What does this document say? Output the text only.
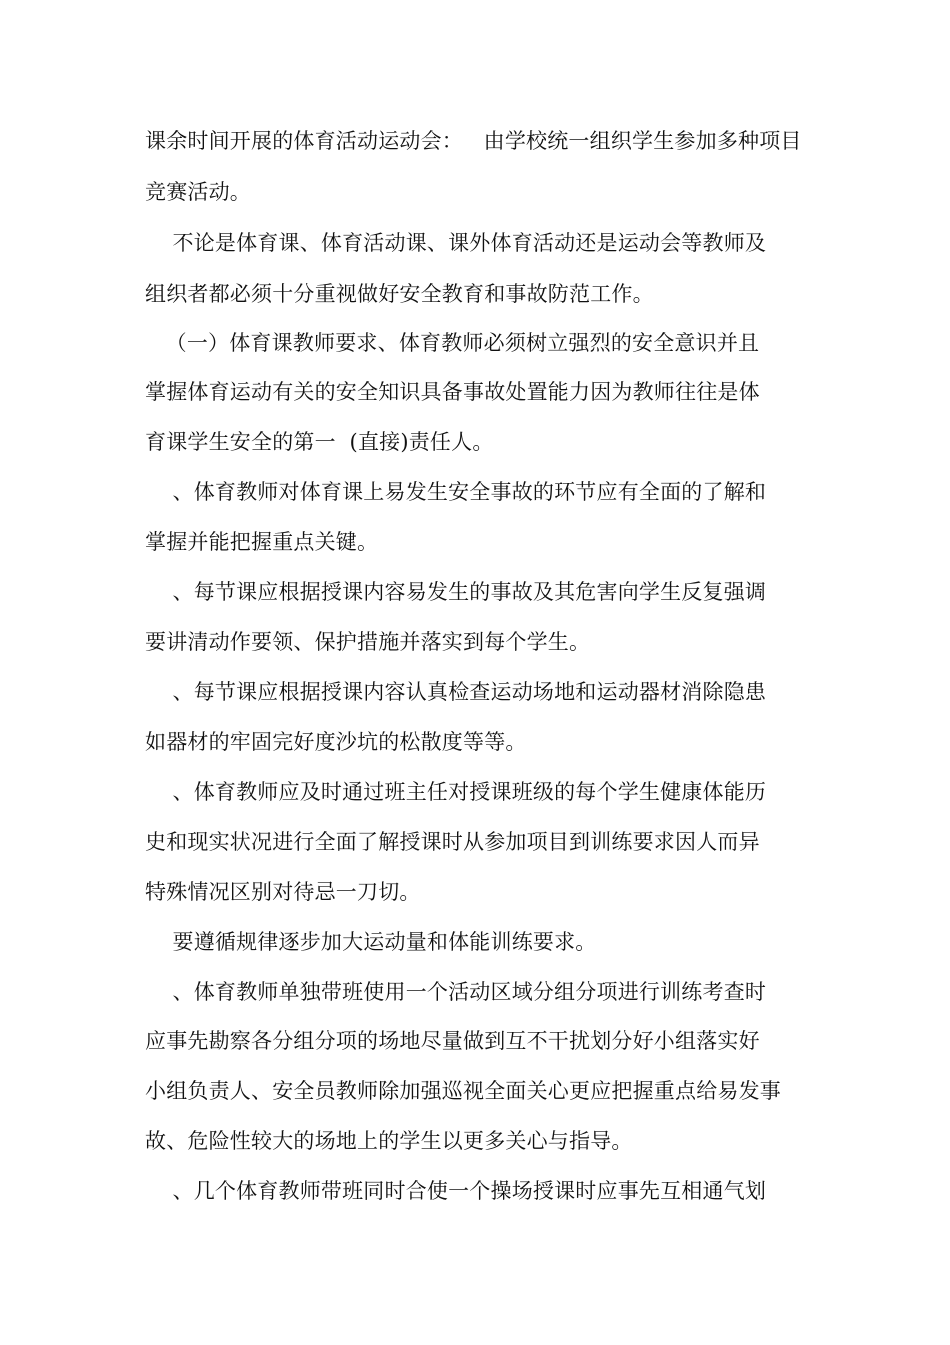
课余时间开展的体育活动运动会：   由学校统一组织学生参加多种项目
竞赛活动。
不论是体育课、体育活动课、课外体育活动还是运动会等教师及
组织者都必须十分重视做好安全教育和事故防范工作。
（一）体育课教师要求、体育教师必须树立强烈的安全意识并且
掌握体育运动有关的安全知识具备事故处置能力因为教师往往是体
育课学生安全的第一  (直接)责任人。
、体育教师对体育课上易发生安全事故的环节应有全面的了解和
掌握并能把握重点关键。
、每节课应根据授课内容易发生的事故及其危害向学生反复强调
要讲清动作要领、保护措施并落实到每个学生。
、每节课应根据授课内容认真检查运动场地和运动器材消除隐患
如器材的牢固完好度沙坑的松散度等等。
、体育教师应及时通过班主任对授课班级的每个学生健康体能历
史和现实状况进行全面了解授课时从参加项目到训练要求因人而异
特殊情况区别对待忌一刀切。
要遵循规律逐步加大运动量和体能训练要求。
、体育教师单独带班使用一个活动区域分组分项进行训练考查时
应事先勘察各分组分项的场地尽量做到互不干扰划分好小组落实好
小组负责人、安全员教师除加强巡视全面关心更应把握重点给易发事
故、危险性较大的场地上的学生以更多关心与指导。
、几个体育教师带班同时合使一个操场授课时应事先互相通气划
